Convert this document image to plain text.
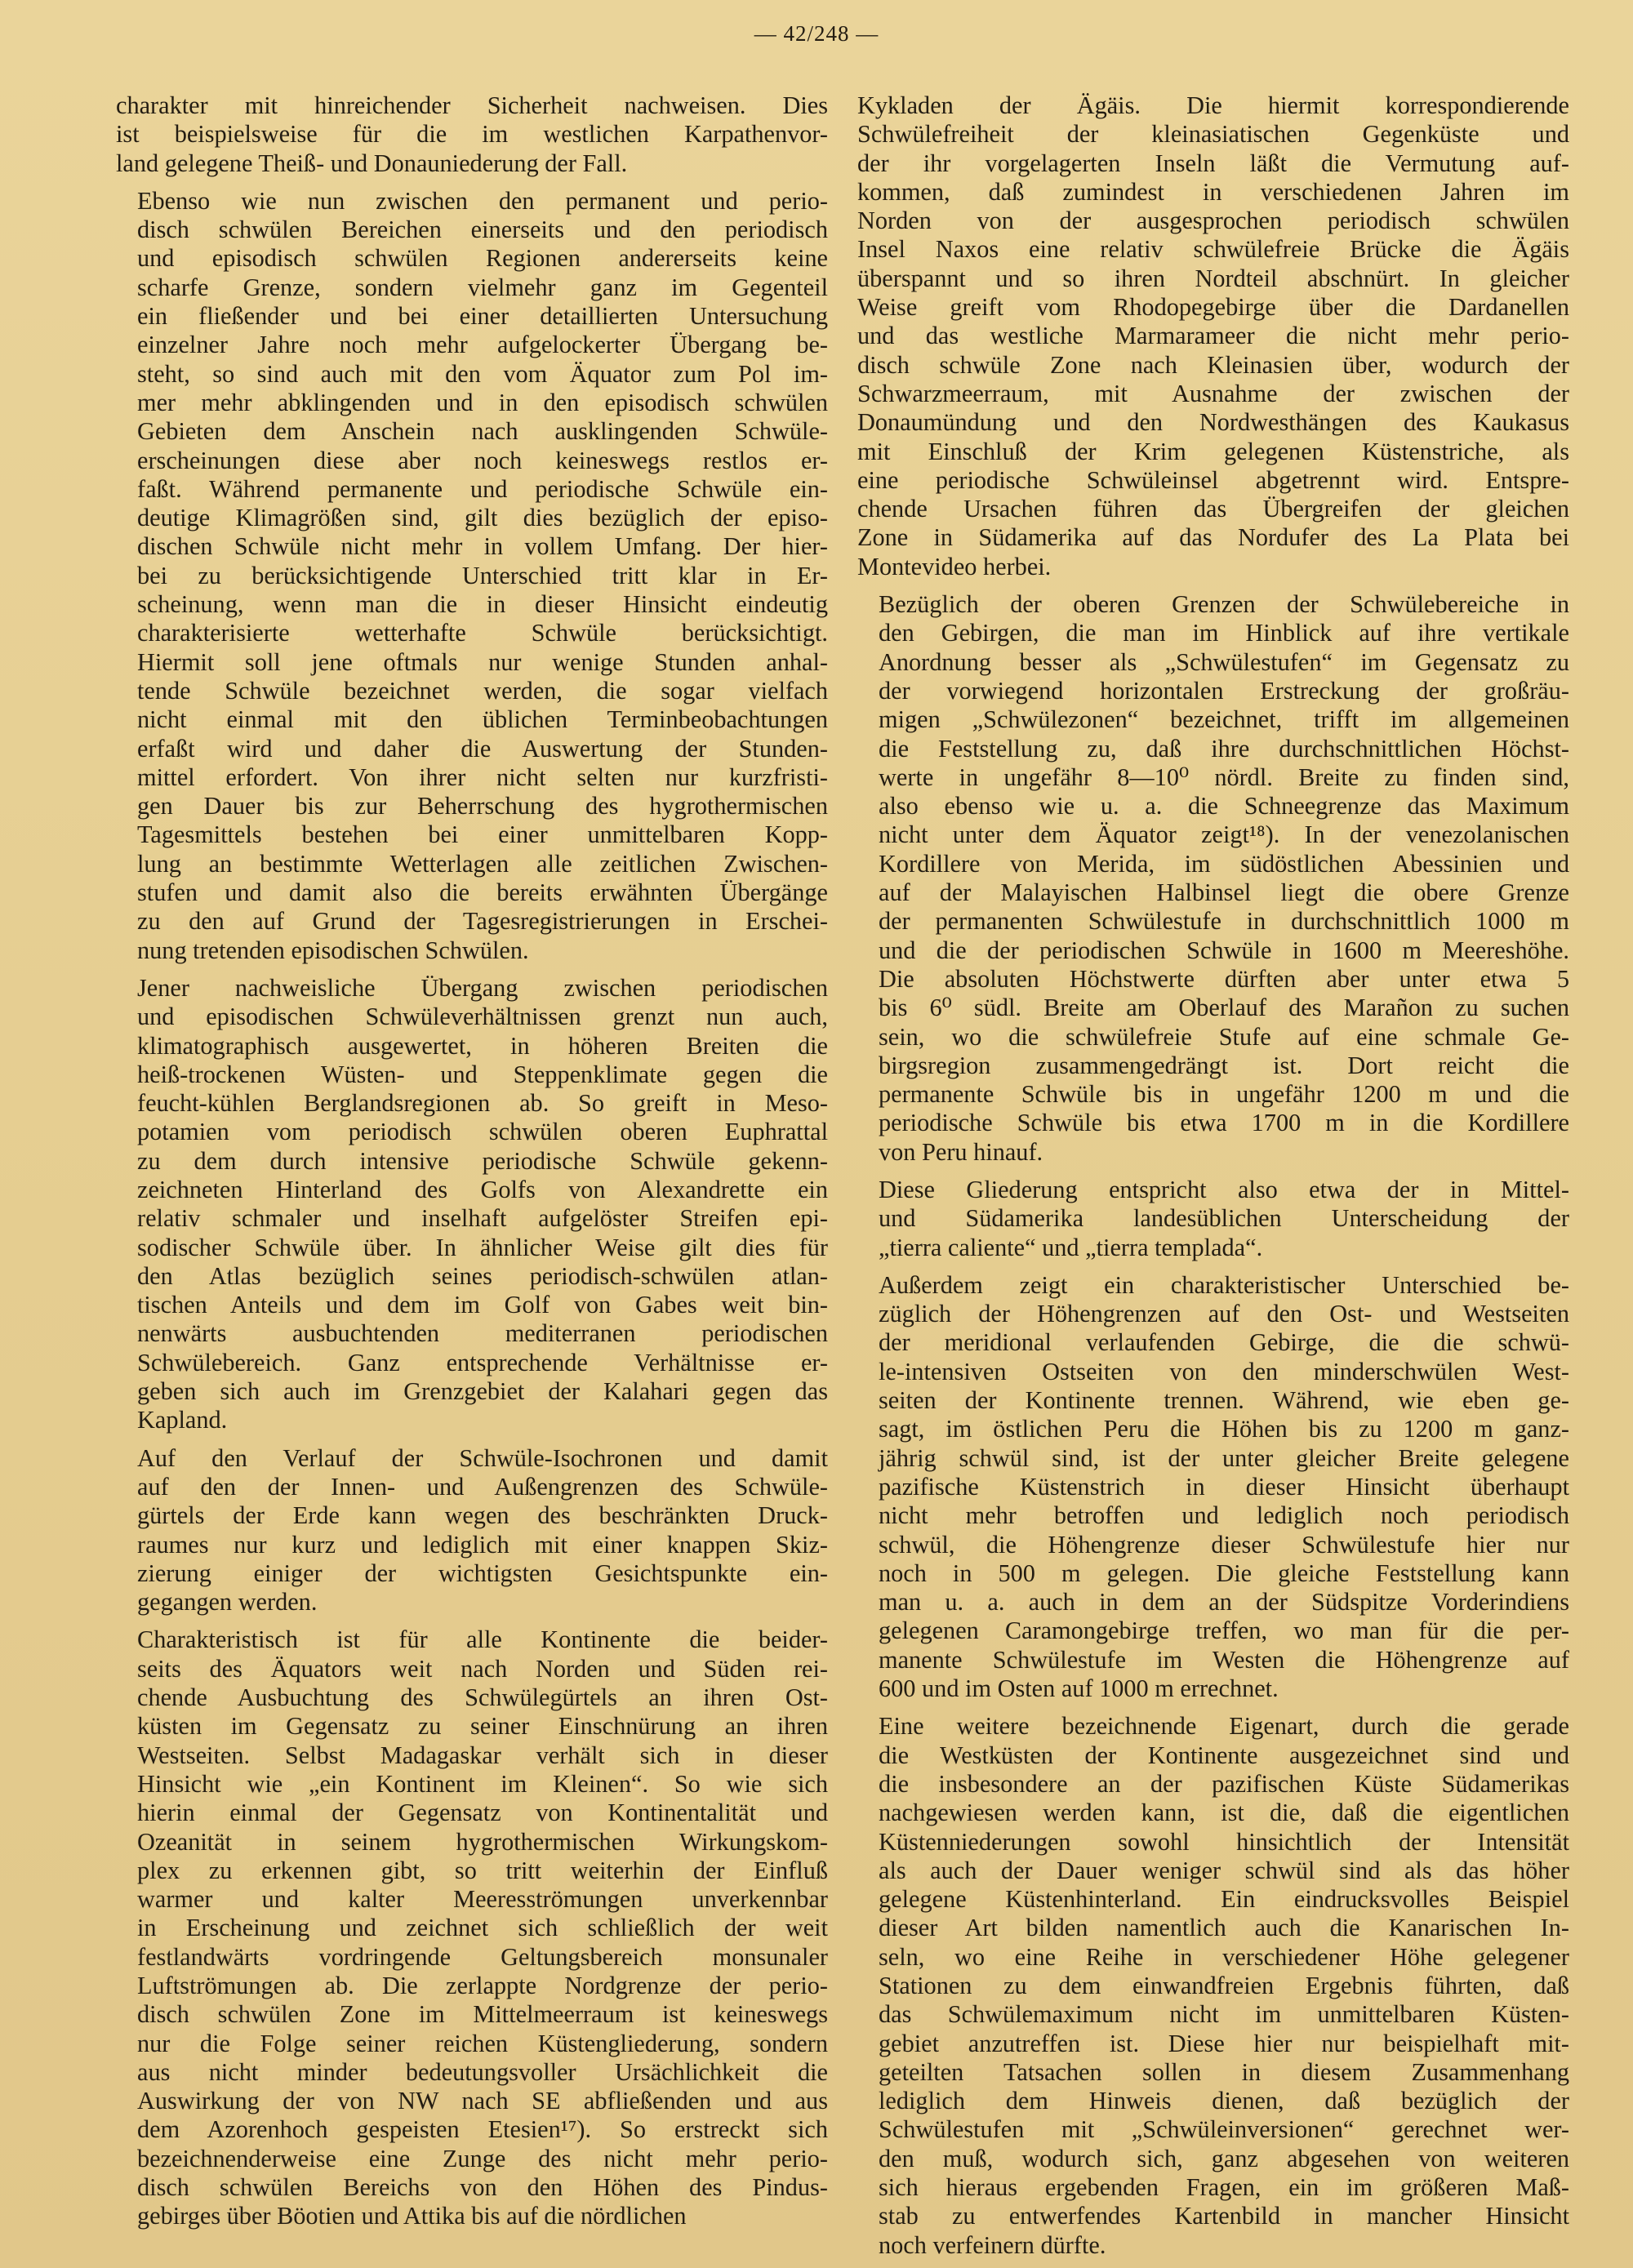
— 42/248 —

charakter mit hinreichender Sicherheit nachweisen. Dies
ist beispielsweise für die im westlichen Karpathenvor-
land gelegene Theiß- und Donauniederung der Fall.

Ebenso wie nun zwischen den permanent und perio-
disch schwülen Bereichen einerseits und den periodisch
und episodisch schwülen Regionen andererseits keine
scharfe Grenze, sondern vielmehr ganz im Gegenteil
ein fließender und bei einer detaillierten Untersuchung
einzelner Jahre noch mehr aufgelockerter Übergang be-
steht, so sind auch mit den vom Äquator zum Pol im-
mer mehr abklingenden und in den episodisch schwülen
Gebieten dem Anschein nach ausklingenden Schwüle-
erscheinungen diese aber noch keineswegs restlos er-
faßt. Während permanente und periodische Schwüle ein-
deutige Klimagrößen sind, gilt dies bezüglich der episo-
dischen Schwüle nicht mehr in vollem Umfang. Der hier-
bei zu berücksichtigende Unterschied tritt klar in Er-
scheinung, wenn man die in dieser Hinsicht eindeutig
charakterisierte wetterhafte Schwüle berücksichtigt.
Hiermit soll jene oftmals nur wenige Stunden anhal-
tende Schwüle bezeichnet werden, die sogar vielfach
nicht einmal mit den üblichen Terminbeobachtungen
erfaßt wird und daher die Auswertung der Stunden-
mittel erfordert. Von ihrer nicht selten nur kurzfristi-
gen Dauer bis zur Beherrschung des hygrothermischen
Tagesmittels bestehen bei einer unmittelbaren Kopp-
lung an bestimmte Wetterlagen alle zeitlichen Zwischen-
stufen und damit also die bereits erwähnten Übergänge
zu den auf Grund der Tagesregistrierungen in Erschei-
nung tretenden episodischen Schwülen.

Jener nachweisliche Übergang zwischen periodischen
und episodischen Schwüleverhältnissen grenzt nun auch,
klimatographisch ausgewertet, in höheren Breiten die
heiß-trockenen Wüsten- und Steppenklimate gegen die
feucht-kühlen Berglandsregionen ab. So greift in Meso-
potamien vom periodisch schwülen oberen Euphrattal
zu dem durch intensive periodische Schwüle gekenn-
zeichneten Hinterland des Golfs von Alexandrette ein
relativ schmaler und inselhaft aufgelöster Streifen epi-
sodischer Schwüle über. In ähnlicher Weise gilt dies für
den Atlas bezüglich seines periodisch-schwülen atlan-
tischen Anteils und dem im Golf von Gabes weit bin-
nenwärts ausbuchtenden mediterranen periodischen
Schwülebereich. Ganz entsprechende Verhältnisse er-
geben sich auch im Grenzgebiet der Kalahari gegen das
Kapland.

Auf den Verlauf der Schwüle-Isochronen und damit
auf den der Innen- und Außengrenzen des Schwüle-
gürtels der Erde kann wegen des beschränkten Druck-
raumes nur kurz und lediglich mit einer knappen Skiz-
zierung einiger der wichtigsten Gesichtspunkte ein-
gegangen werden.

Charakteristisch ist für alle Kontinente die beider-
seits des Äquators weit nach Norden und Süden rei-
chende Ausbuchtung des Schwülegürtels an ihren Ost-
küsten im Gegensatz zu seiner Einschnürung an ihren
Westseiten. Selbst Madagaskar verhält sich in dieser
Hinsicht wie „ein Kontinent im Kleinen“. So wie sich
hierin einmal der Gegensatz von Kontinentalität und
Ozeanität in seinem hygrothermischen Wirkungskom-
plex zu erkennen gibt, so tritt weiterhin der Einfluß
warmer und kalter Meeresströmungen unverkennbar
in Erscheinung und zeichnet sich schließlich der weit
festlandwärts vordringende Geltungsbereich monsunaler
Luftströmungen ab. Die zerlappte Nordgrenze der perio-
disch schwülen Zone im Mittelmeerraum ist keineswegs
nur die Folge seiner reichen Küstengliederung, sondern
aus nicht minder bedeutungsvoller Ursächlichkeit die
Auswirkung der von NW nach SE abfließenden und aus
dem Azorenhoch gespeisten Etesien¹⁷). So erstreckt sich
bezeichnenderweise eine Zunge des nicht mehr perio-
disch schwülen Bereichs von den Höhen des Pindus-
gebirges über Böotien und Attika bis auf die nördlichen

Kykladen der Ägäis. Die hiermit korrespondierende
Schwülefreiheit der kleinasiatischen Gegenküste und
der ihr vorgelagerten Inseln läßt die Vermutung auf-
kommen, daß zumindest in verschiedenen Jahren im
Norden von der ausgesprochen periodisch schwülen
Insel Naxos eine relativ schwülefreie Brücke die Ägäis
überspannt und so ihren Nordteil abschnürt. In gleicher
Weise greift vom Rhodopegebirge über die Dardanellen
und das westliche Marmarameer die nicht mehr perio-
disch schwüle Zone nach Kleinasien über, wodurch der
Schwarzmeerraum, mit Ausnahme der zwischen der
Donaumündung und den Nordwesthängen des Kaukasus
mit Einschluß der Krim gelegenen Küstenstriche, als
eine periodische Schwüleinsel abgetrennt wird. Entspre-
chende Ursachen führen das Übergreifen der gleichen
Zone in Südamerika auf das Nordufer des La Plata bei
Montevideo herbei.

Bezüglich der oberen Grenzen der Schwülebereiche in
den Gebirgen, die man im Hinblick auf ihre vertikale
Anordnung besser als „Schwülestufen“ im Gegensatz zu
der vorwiegend horizontalen Erstreckung der großräu-
migen „Schwülezonen“ bezeichnet, trifft im allgemeinen
die Feststellung zu, daß ihre durchschnittlichen Höchst-
werte in ungefähr 8—10⁰ nördl. Breite zu finden sind,
also ebenso wie u. a. die Schneegrenze das Maximum
nicht unter dem Äquator zeigt¹⁸). In der venezolanischen
Kordillere von Merida, im südöstlichen Abessinien und
auf der Malayischen Halbinsel liegt die obere Grenze
der permanenten Schwülestufe in durchschnittlich 1000 m
und die der periodischen Schwüle in 1600 m Meereshöhe.
Die absoluten Höchstwerte dürften aber unter etwa 5
bis 6⁰ südl. Breite am Oberlauf des Marañon zu suchen
sein, wo die schwülefreie Stufe auf eine schmale Ge-
birgsregion zusammengedrängt ist. Dort reicht die
permanente Schwüle bis in ungefähr 1200 m und die
periodische Schwüle bis etwa 1700 m in die Kordillere
von Peru hinauf.

Diese Gliederung entspricht also etwa der in Mittel-
und Südamerika landesüblichen Unterscheidung der
„tierra caliente“ und „tierra templada“.

Außerdem zeigt ein charakteristischer Unterschied be-
züglich der Höhengrenzen auf den Ost- und Westseiten
der meridional verlaufenden Gebirge, die die schwü-
le-intensiven Ostseiten von den minderschwülen West-
seiten der Kontinente trennen. Während, wie eben ge-
sagt, im östlichen Peru die Höhen bis zu 1200 m ganz-
jährig schwül sind, ist der unter gleicher Breite gelegene
pazifische Küstenstrich in dieser Hinsicht überhaupt
nicht mehr betroffen und lediglich noch periodisch
schwül, die Höhengrenze dieser Schwülestufe hier nur
noch in 500 m gelegen. Die gleiche Feststellung kann
man u. a. auch in dem an der Südspitze Vorderindiens
gelegenen Caramongebirge treffen, wo man für die per-
manente Schwülestufe im Westen die Höhengrenze auf
600 und im Osten auf 1000 m errechnet.

Eine weitere bezeichnende Eigenart, durch die gerade
die Westküsten der Kontinente ausgezeichnet sind und
die insbesondere an der pazifischen Küste Südamerikas
nachgewiesen werden kann, ist die, daß die eigentlichen
Küstenniederungen sowohl hinsichtlich der Intensität
als auch der Dauer weniger schwül sind als das höher
gelegene Küstenhinterland. Ein eindrucksvolles Beispiel
dieser Art bilden namentlich auch die Kanarischen In-
seln, wo eine Reihe in verschiedener Höhe gelegener
Stationen zu dem einwandfreien Ergebnis führten, daß
das Schwülemaximum nicht im unmittelbaren Küsten-
gebiet anzutreffen ist. Diese hier nur beispielhaft mit-
geteilten Tatsachen sollen in diesem Zusammenhang
lediglich dem Hinweis dienen, daß bezüglich der
Schwülestufen mit „Schwüleinversionen“ gerechnet wer-
den muß, wodurch sich, ganz abgesehen von weiteren
sich hieraus ergebenden Fragen, ein im größeren Maß-
stab zu entwerfendes Kartenbild in mancher Hinsicht
noch verfeinern dürfte.
